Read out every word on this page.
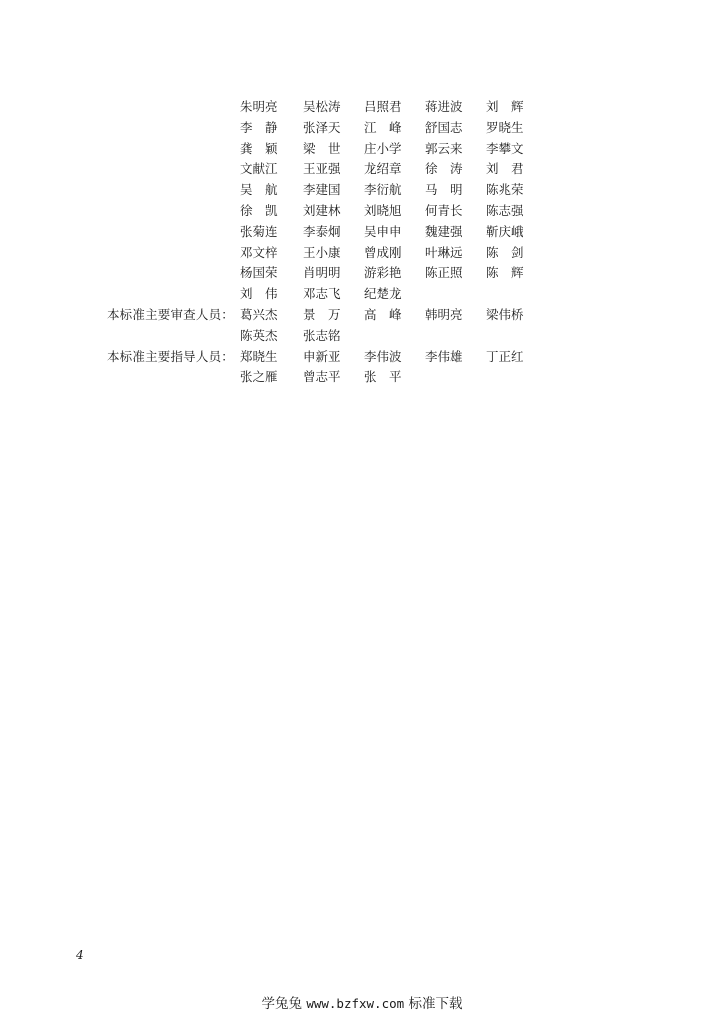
朱明亮	吴松涛	吕照君	蒋进波	刘　辉
李　静	张泽天	江　峰	舒国志	罗晓生
龚　颖	梁　世	庄小学	郭云来	李攀文
文献江	王亚强	龙绍章	徐　涛	刘　君
吴　航	李建国	李衍航	马　明	陈兆荣
徐　凯	刘建林	刘晓旭	何青长	陈志强
张菊连	李泰炯	吴申申	魏建强	靳庆峨
邓文梓	王小康	曾成刚	叶琳远	陈　剑
杨国荣	肖明明	游彩艳	陈正照	陈　辉
刘　伟	邓志飞	纪楚龙
本标准主要审查人员： 葛兴杰	景　万	高　峰	韩明亮	梁伟桥
陈英杰	张志铭
本标准主要指导人员： 郑晓生	申新亚	李伟波	李伟雄	丁正红
张之雁	曾志平	张　平
4
学兔兔 www.bzfxw.com 标准下载
